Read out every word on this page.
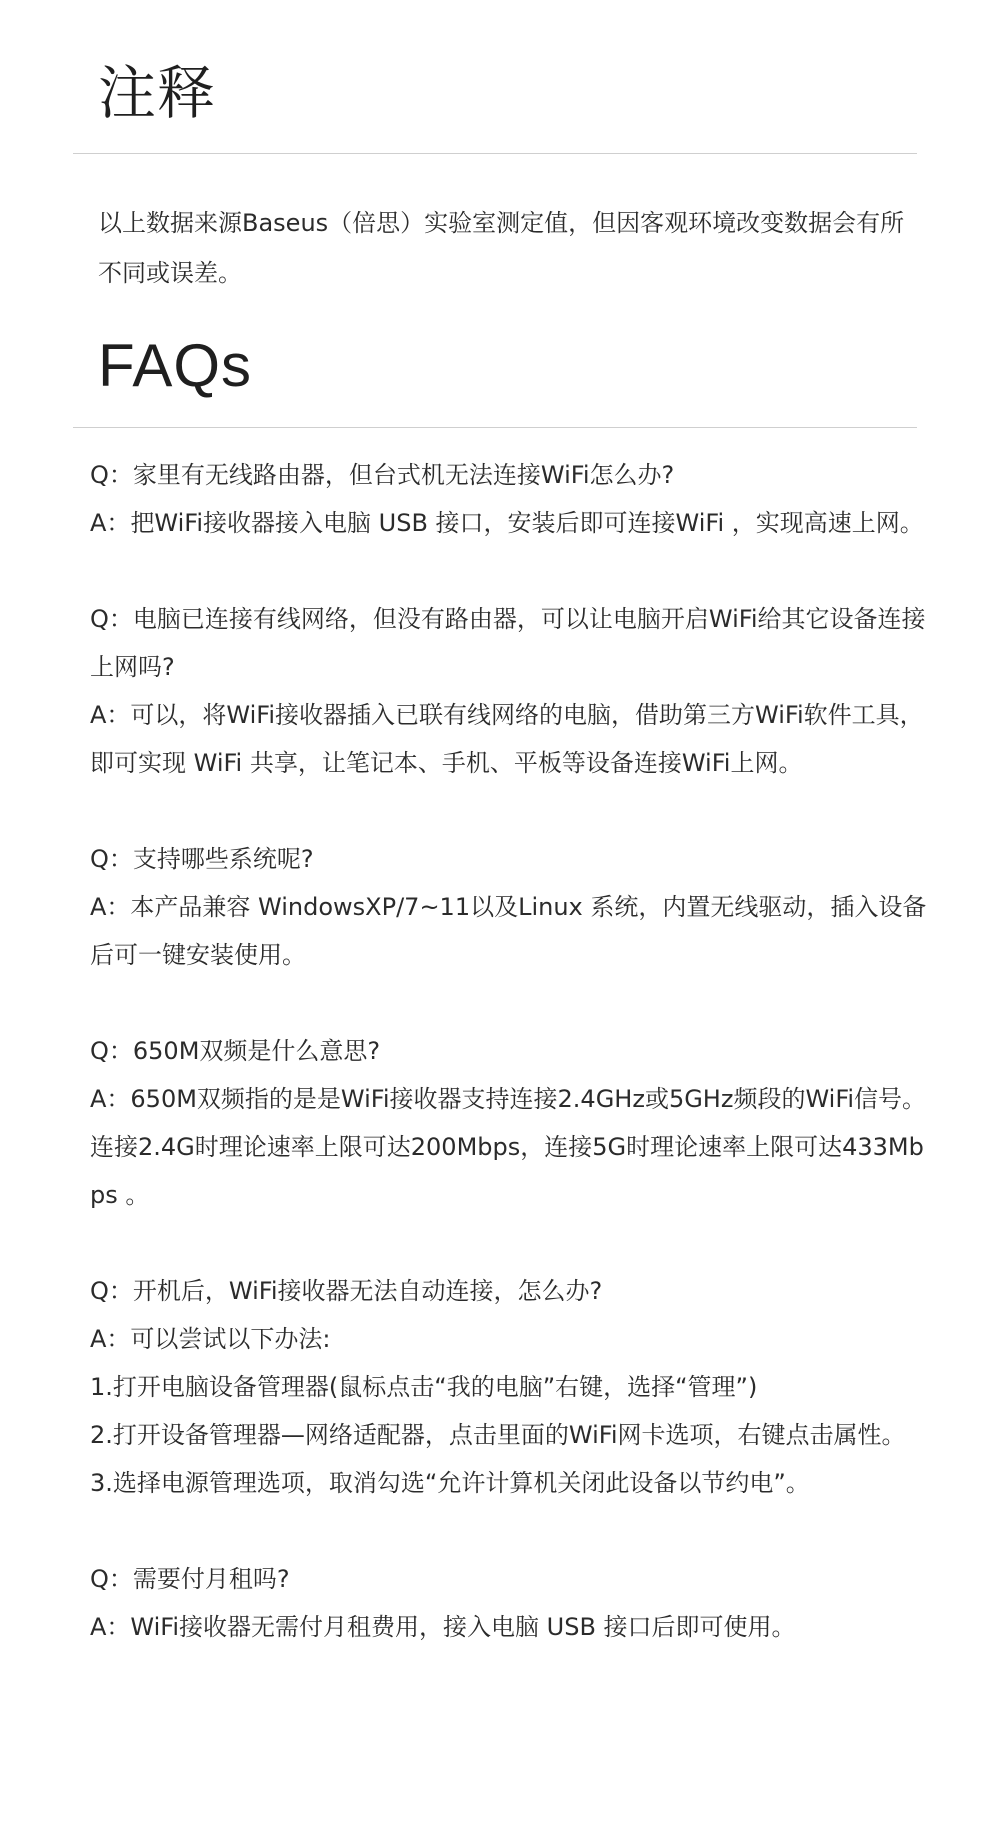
注释

以上数据来源Baseus（倍思）实验室测定值，但因客观环境改变数据会有所不同或误差。

FAQs

Q：家里有无线路由器，但台式机无法连接WiFi怎么办?

A：把WiFi接收器接入电脑 USB 接口，安装后即可连接WiFi ，实现高速上网。

Q：电脑已连接有线网络，但没有路由器，可以让电脑开启WiFi给其它设备连接上网吗?

A：可以，将WiFi接收器插入已联有线网络的电脑，借助第三方WiFi软件工具，即可实现 WiFi 共享，让笔记本、手机、平板等设备连接WiFi上网。

Q：支持哪些系统呢?

A：本产品兼容 WindowsXP/7~11以及Linux 系统，内置无线驱动，插入设备后可一键安装使用。

Q：650M双频是什么意思?

A：650M双频指的是是WiFi接收器支持连接2.4GHz或5GHz频段的WiFi信号。连接2.4G时理论速率上限可达200Mbps，连接5G时理论速率上限可达433Mbps 。

Q：开机后，WiFi接收器无法自动连接，怎么办?

A：可以尝试以下办法:

1.打开电脑设备管理器(鼠标点击“我的电脑”右键，选择“管理”)

2.打开设备管理器—网络适配器，点击里面的WiFi网卡选项，右键点击属性。

3.选择电源管理选项，取消勾选“允许计算机关闭此设备以节约电”。

Q：需要付月租吗?

A：WiFi接收器无需付月租费用，接入电脑 USB 接口后即可使用。
